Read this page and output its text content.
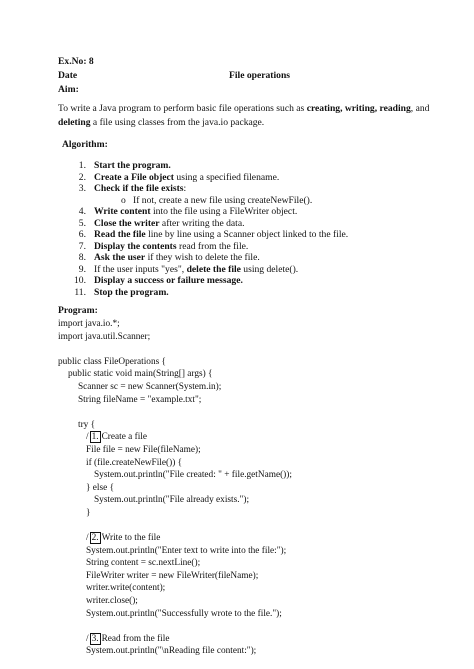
Ex.No: 8
Date	File operations
Aim:
To write a Java program to perform basic file operations such as creating, writing, reading, and deleting a file using classes from the java.io package.
Algorithm:
1. Start the program.
2. Create a File object using a specified filename.
3. Check if the file exists:
o If not, create a new file using createNewFile().
4. Write content into the file using a FileWriter object.
5. Close the writer after writing the data.
6. Read the file line by line using a Scanner object linked to the file.
7. Display the contents read from the file.
8. Ask the user if they wish to delete the file.
9. If the user inputs "yes", delete the file using delete().
10. Display a success or failure message.
11. Stop the program.
Program:
import java.io.*;
import java.util.Scanner;
public class FileOperations {
public static void main(String[] args) {
Scanner sc = new Scanner(System.in);
String fileName = "example.txt";
try {
/ 1. Create a file
File file = new File(fileName);
if (file.createNewFile()) {
System.out.println("File created: " + file.getName());
} else {
System.out.println("File already exists.");
}
/ 2. Write to the file
System.out.println("Enter text to write into the file:");
String content = sc.nextLine();
FileWriter writer = new FileWriter(fileName);
writer.write(content);
writer.close();
System.out.println("Successfully wrote to the file.");
/ 3. Read from the file
System.out.println("\nReading file content:");
